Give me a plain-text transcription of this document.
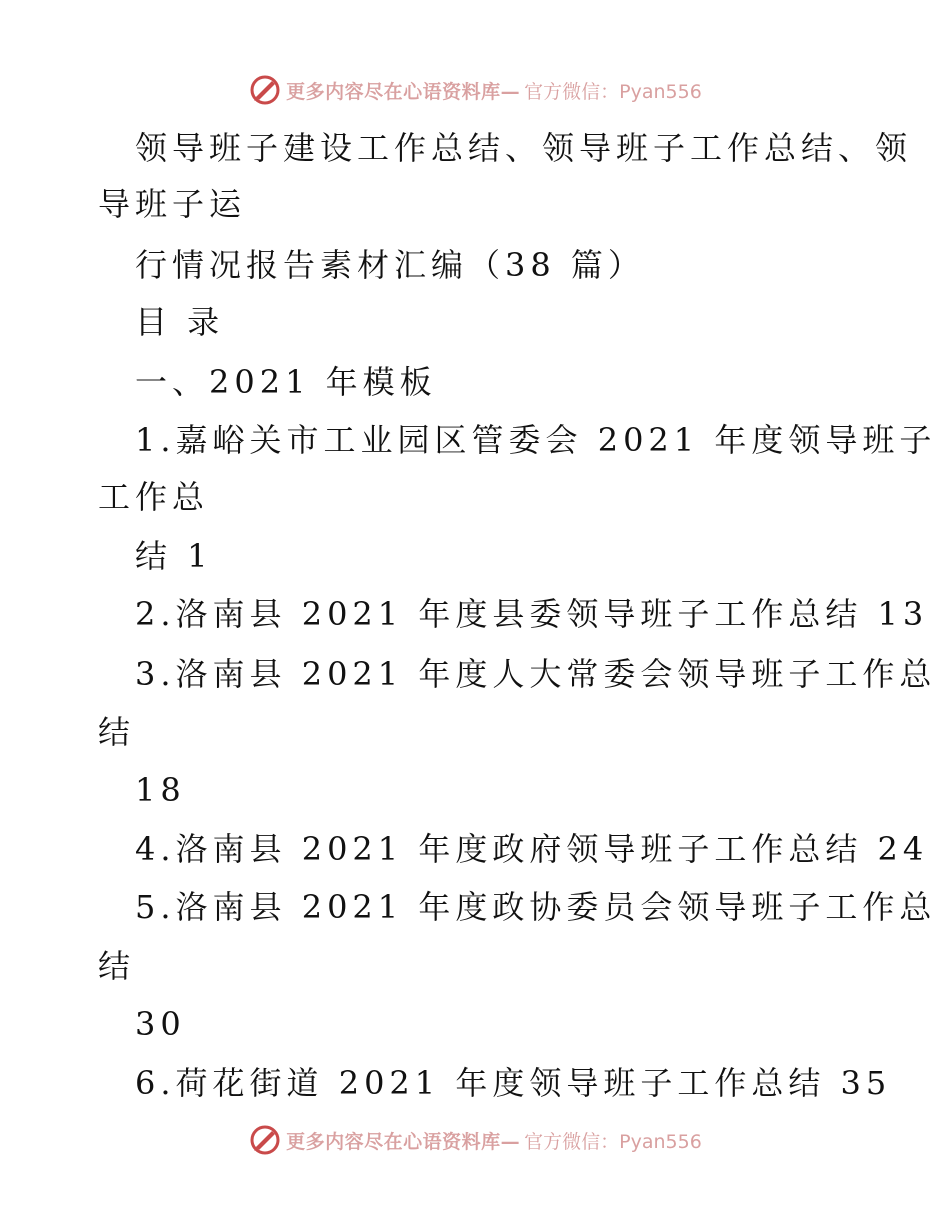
更多内容尽在心语资料库— 官方微信：Pyan556
领导班子建设工作总结、领导班子工作总结、领
导班子运
行情况报告素材汇编（38 篇）
目 录
一、2021 年模板
1.嘉峪关市工业园区管委会 2021 年度领导班子
工作总
结 1
2.洛南县 2021 年度县委领导班子工作总结 13
3.洛南县 2021 年度人大常委会领导班子工作总
结
18
4.洛南县 2021 年度政府领导班子工作总结 24
5.洛南县 2021 年度政协委员会领导班子工作总
结
30
6.荷花街道 2021 年度领导班子工作总结 35
更多内容尽在心语资料库— 官方微信：Pyan556
